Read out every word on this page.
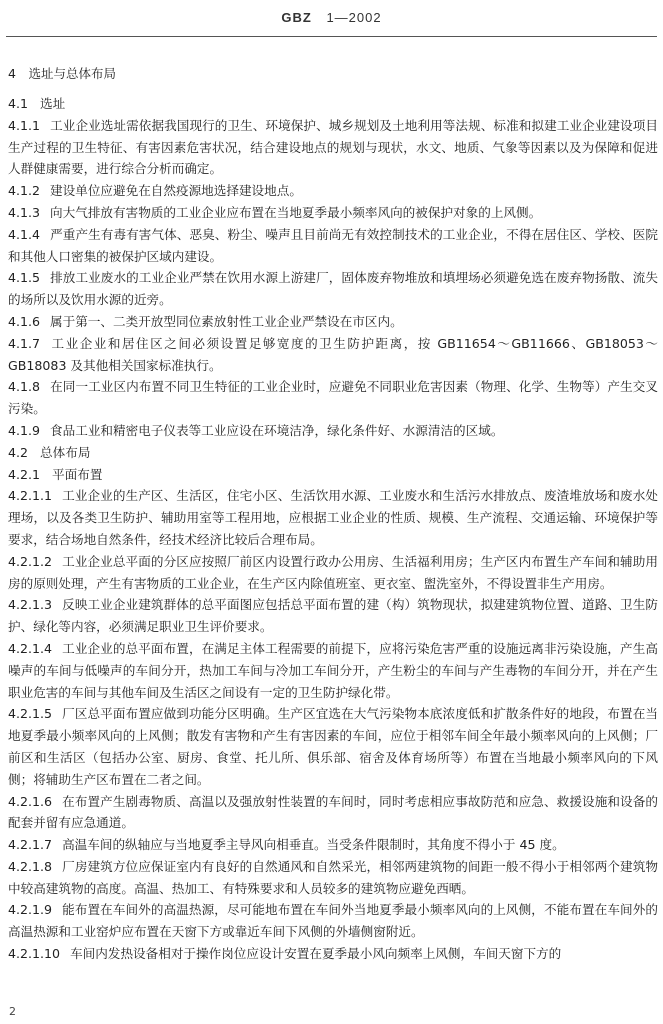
GBZ 1—2002
4　选址与总体布局

4.1 选址

4.1.1 工业企业选址需依据我国现行的卫生、环境保护、城乡规划及土地利用等法规、标准和拟建工业企业建设项目生产过程的卫生特征、有害因素危害状况，结合建设地点的规划与现状，水文、地质、气象等因素以及为保障和促进人群健康需要，进行综合分析而确定。

4.1.2 建设单位应避免在自然疫源地选择建设地点。

4.1.3 向大气排放有害物质的工业企业应布置在当地夏季最小频率风向的被保护对象的上风侧。

4.1.4 严重产生有毒有害气体、恶臭、粉尘、噪声且目前尚无有效控制技术的工业企业，不得在居住区、学校、医院和其他人口密集的被保护区域内建设。

4.1.5 排放工业废水的工业企业严禁在饮用水源上游建厂，固体废弃物堆放和填埋场必须避免选在废弃物扬散、流失的场所以及饮用水源的近旁。

4.1.6 属于第一、二类开放型同位素放射性工业企业严禁设在市区内。

4.1.7 工业企业和居住区之间必须设置足够宽度的卫生防护距离，按 GB11654～GB11666、GB18053～GB18083 及其他相关国家标准执行。

4.1.8 在同一工业区内布置不同卫生特征的工业企业时，应避免不同职业危害因素（物理、化学、生物等）产生交叉污染。

4.1.9 食品工业和精密电子仪表等工业应设在环境洁净，绿化条件好、水源清洁的区域。

4.2 总体布局

4.2.1 平面布置

4.2.1.1 工业企业的生产区、生活区，住宅小区、生活饮用水源、工业废水和生活污水排放点、废渣堆放场和废水处理场，以及各类卫生防护、辅助用室等工程用地，应根据工业企业的性质、规模、生产流程、交通运输、环境保护等要求，结合场地自然条件，经技术经济比较后合理布局。

4.2.1.2 工业企业总平面的分区应按照厂前区内设置行政办公用房、生活福利用房；生产区内布置生产车间和辅助用房的原则处理，产生有害物质的工业企业，在生产区内除值班室、更衣室、盥洗室外，不得设置非生产用房。

4.2.1.3 反映工业企业建筑群体的总平面图应包括总平面布置的建（构）筑物现状，拟建建筑物位置、道路、卫生防护、绿化等内容，必须满足职业卫生评价要求。

4.2.1.4 工业企业的总平面布置，在满足主体工程需要的前提下，应将污染危害严重的设施远离非污染设施，产生高噪声的车间与低噪声的车间分开，热加工车间与冷加工车间分开，产生粉尘的车间与产生毒物的车间分开，并在产生职业危害的车间与其他车间及生活区之间设有一定的卫生防护绿化带。

4.2.1.5 厂区总平面布置应做到功能分区明确。生产区宜选在大气污染物本底浓度低和扩散条件好的地段，布置在当地夏季最小频率风向的上风侧；散发有害物和产生有害因素的车间，应位于相邻车间全年最小频率风向的上风侧；厂前区和生活区（包括办公室、厨房、食堂、托儿所、俱乐部、宿舍及体育场所等）布置在当地最小频率风向的下风侧；将辅助生产区布置在二者之间。

4.2.1.6 在布置产生剧毒物质、高温以及强放射性装置的车间时，同时考虑相应事故防范和应急、救援设施和设备的配套并留有应急通道。

4.2.1.7 高温车间的纵轴应与当地夏季主导风向相垂直。当受条件限制时，其角度不得小于 45 度。

4.2.1.8 厂房建筑方位应保证室内有良好的自然通风和自然采光，相邻两建筑物的间距一般不得小于相邻两个建筑物中较高建筑物的高度。高温、热加工、有特殊要求和人员较多的建筑物应避免西晒。

4.2.1.9 能布置在车间外的高温热源，尽可能地布置在车间外当地夏季最小频率风向的上风侧，不能布置在车间外的高温热源和工业窑炉应布置在天窗下方或靠近车间下风侧的外墙侧窗附近。

4.2.1.10 车间内发热设备相对于操作岗位应设计安置在夏季最小风向频率上风侧，车间天窗下方的

2
